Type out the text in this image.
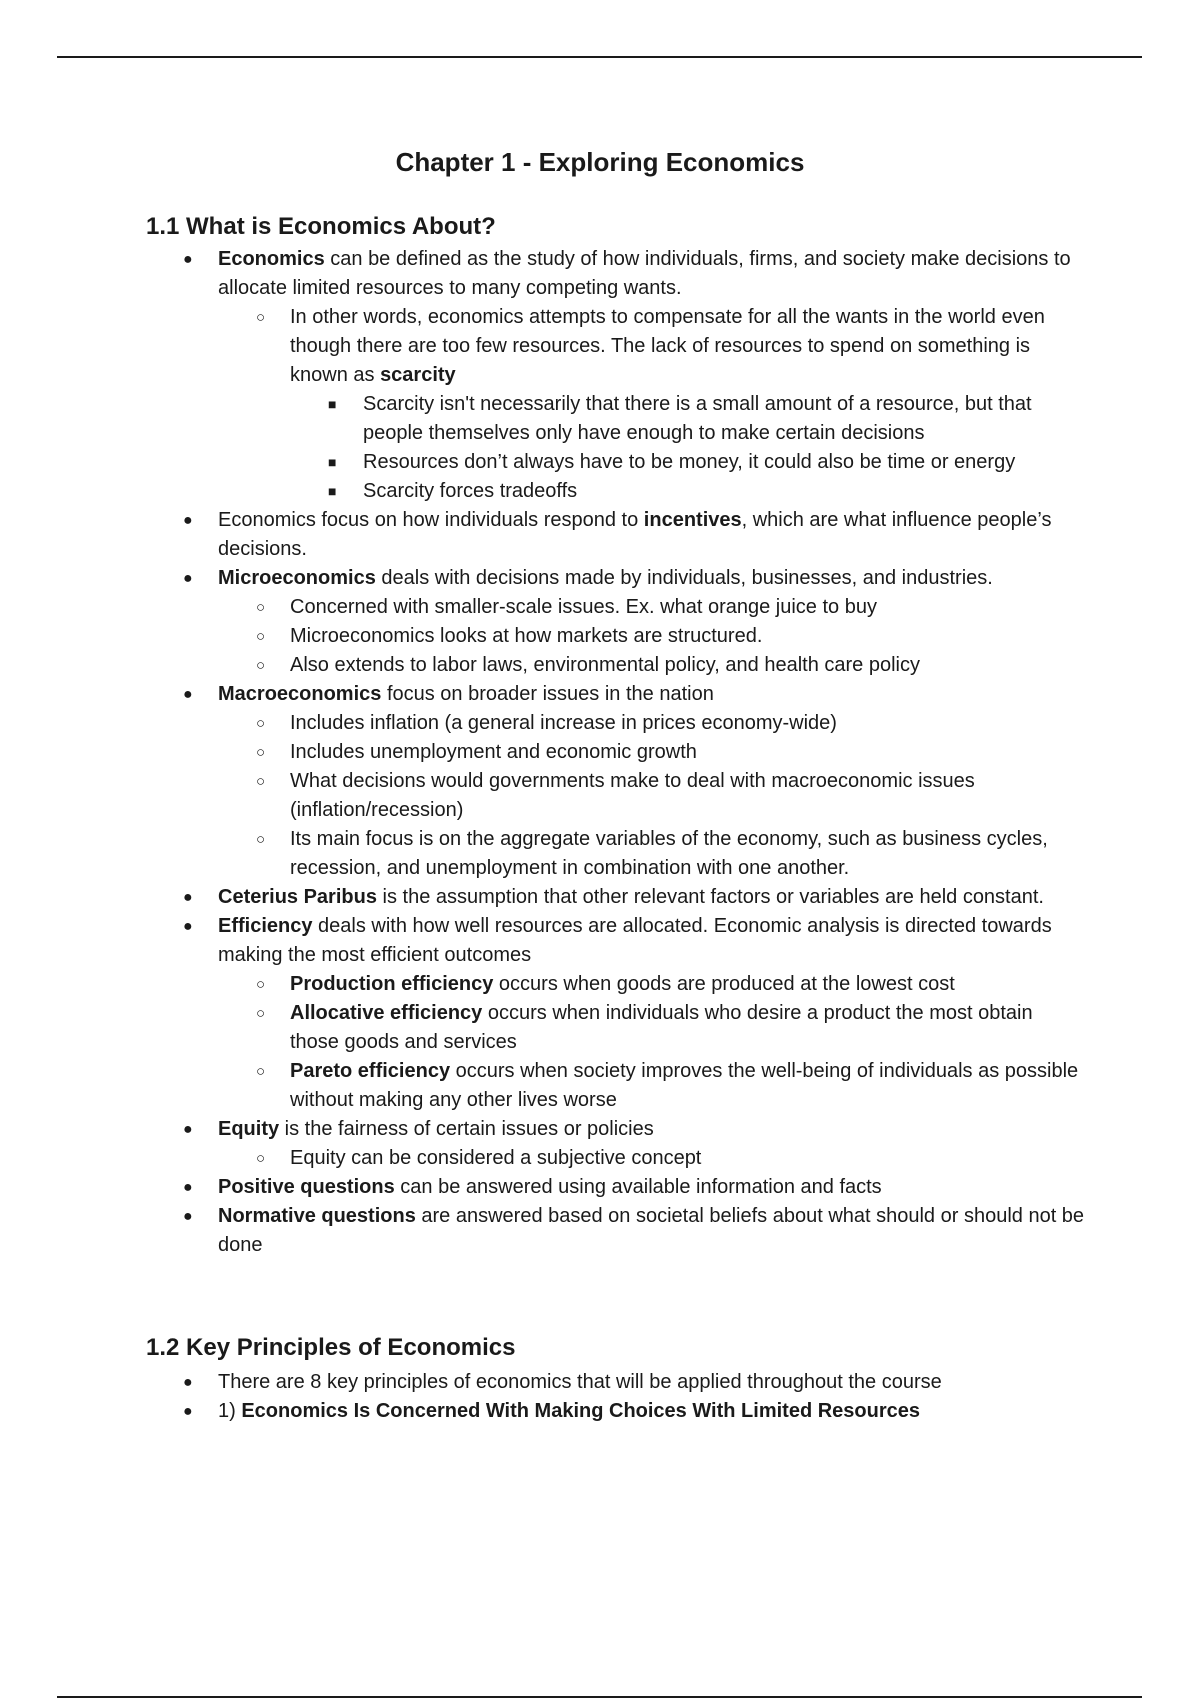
Chapter 1 - Exploring Economics
1.1 What is Economics About?
● Economics can be defined as the study of how individuals, firms, and society make decisions to allocate limited resources to many competing wants.
○ In other words, economics attempts to compensate for all the wants in the world even though there are too few resources. The lack of resources to spend on something is known as scarcity
■ Scarcity isn't necessarily that there is a small amount of a resource, but that people themselves only have enough to make certain decisions
■ Resources don’t always have to be money, it could also be time or energy
■ Scarcity forces tradeoffs
● Economics focus on how individuals respond to incentives, which are what influence people’s decisions.
● Microeconomics deals with decisions made by individuals, businesses, and industries.
○ Concerned with smaller-scale issues. Ex. what orange juice to buy
○ Microeconomics looks at how markets are structured.
○ Also extends to labor laws, environmental policy, and health care policy
● Macroeconomics focus on broader issues in the nation
○ Includes inflation (a general increase in prices economy-wide)
○ Includes unemployment and economic growth
○ What decisions would governments make to deal with macroeconomic issues (inflation/recession)
○ Its main focus is on the aggregate variables of the economy, such as business cycles, recession, and unemployment in combination with one another.
● Ceterius Paribus is the assumption that other relevant factors or variables are held constant.
● Efficiency deals with how well resources are allocated. Economic analysis is directed towards making the most efficient outcomes
○ Production efficiency occurs when goods are produced at the lowest cost
○ Allocative efficiency occurs when individuals who desire a product the most obtain those goods and services
○ Pareto efficiency occurs when society improves the well-being of individuals as possible without making any other lives worse
● Equity is the fairness of certain issues or policies
○ Equity can be considered a subjective concept
● Positive questions can be answered using available information and facts
● Normative questions are answered based on societal beliefs about what should or should not be done
1.2 Key Principles of Economics
● There are 8 key principles of economics that will be applied throughout the course
● 1) Economics Is Concerned With Making Choices With Limited Resources
